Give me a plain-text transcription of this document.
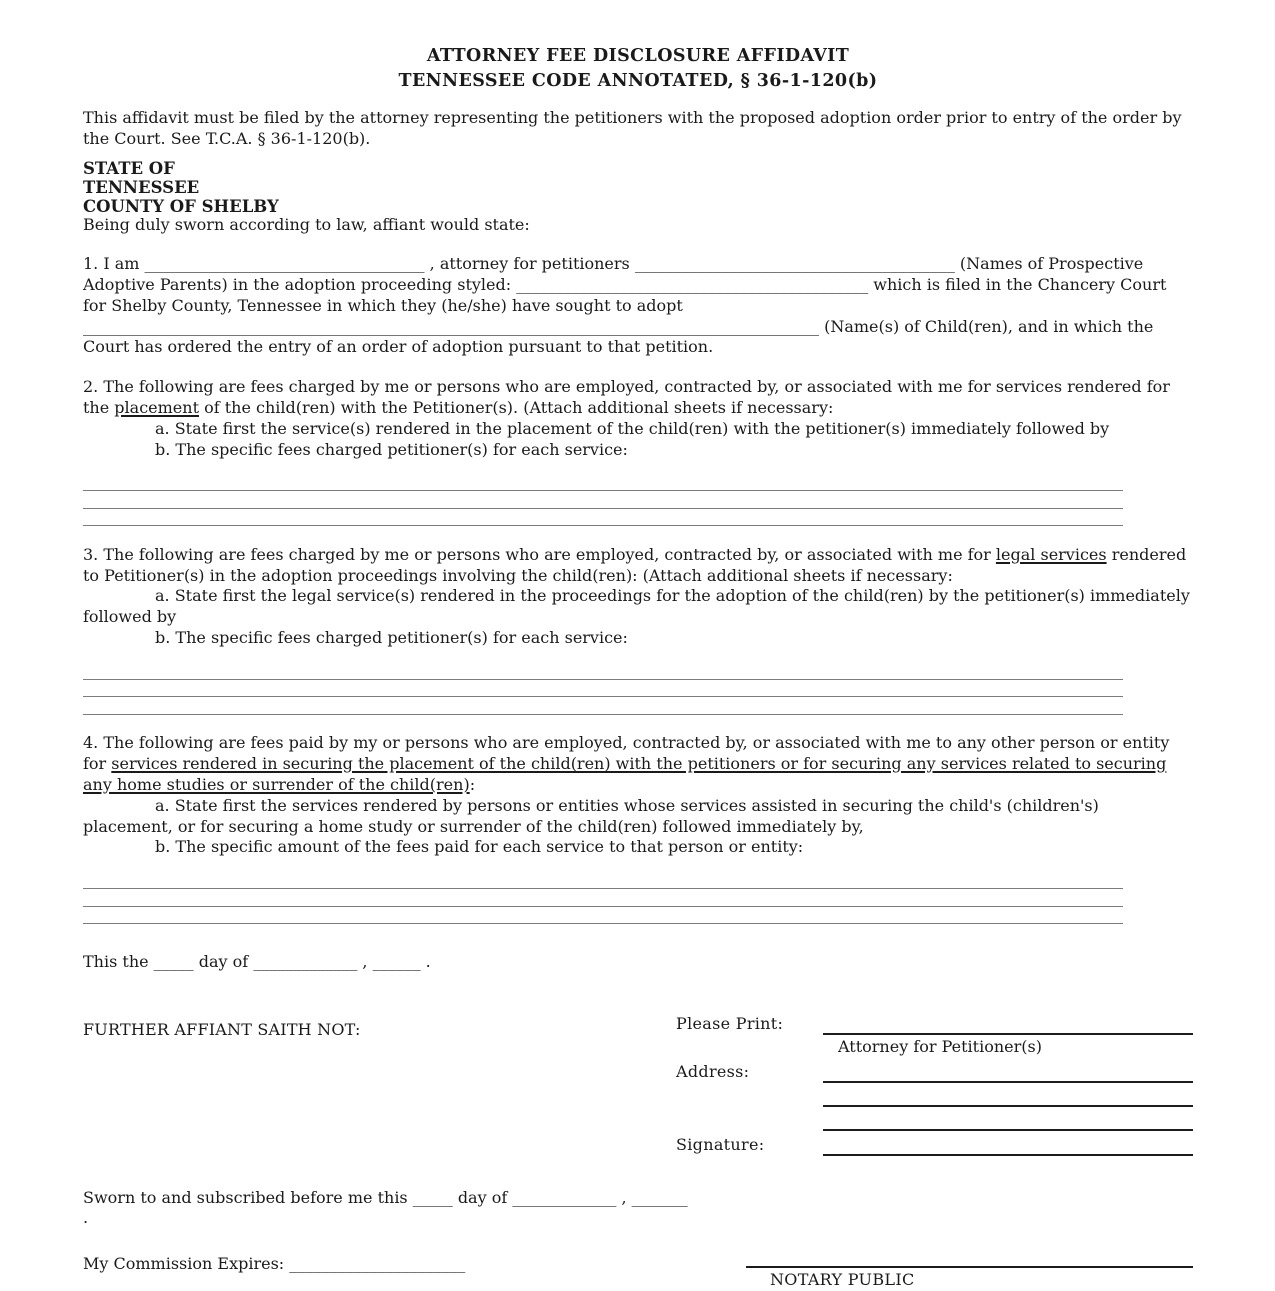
ATTORNEY FEE DISCLOSURE AFFIDAVIT
TENNESSEE CODE ANNOTATED, § 36-1-120(b)

This affidavit must be filed by the attorney representing the petitioners with the proposed adoption order prior to entry of the order by the Court. See T.C.A. § 36-1-120(b).

STATE OF
TENNESSEE
COUNTY OF SHELBY
Being duly sworn according to law, affiant would state:

1. I am ___________________________________ , attorney for petitioners ________________________________________ (Names of Prospective Adoptive Parents) in the adoption proceeding styled: ____________________________________________ which is filed in the Chancery Court for Shelby County, Tennessee in which they (he/she) have sought to adopt ____________________________________________________________________________________________ (Name(s) of Child(ren), and in which the Court has ordered the entry of an order of adoption pursuant to that petition.

2. The following are fees charged by me or persons who are employed, contracted by, or associated with me for services rendered for the placement of the child(ren) with the Petitioner(s). (Attach additional sheets if necessary:

a. State first the service(s) rendered in the placement of the child(ren) with the petitioner(s) immediately followed by

b. The specific fees charged petitioner(s) for each service:

__________________________________________________________________________________________________________________________________
__________________________________________________________________________________________________________________________________
__________________________________________________________________________________________________________________________________

3. The following are fees charged by me or persons who are employed, contracted by, or associated with me for legal services rendered to Petitioner(s) in the adoption proceedings involving the child(ren): (Attach additional sheets if necessary:

a. State first the legal service(s) rendered in the proceedings for the adoption of the child(ren) by the petitioner(s) immediately followed by

b. The specific fees charged petitioner(s) for each service:

__________________________________________________________________________________________________________________________________
__________________________________________________________________________________________________________________________________
__________________________________________________________________________________________________________________________________

4. The following are fees paid by my or persons who are employed, contracted by, or associated with me to any other person or entity for services rendered in securing the placement of the child(ren) with the petitioners or for securing any services related to securing any home studies or surrender of the child(ren):

a. State first the services rendered by persons or entities whose services assisted in securing the child's (children's) placement, or for securing a home study or surrender of the child(ren) followed immediately by,

b. The specific amount of the fees paid for each service to that person or entity:

__________________________________________________________________________________________________________________________________
__________________________________________________________________________________________________________________________________
__________________________________________________________________________________________________________________________________

This the _____ day of _____________ , ______ .

FURTHER AFFIANT SAITH NOT:	Please Print:
Attorney for Petitioner(s)
Address:
Signature:
Sworn to and subscribed before me this _____ day of _____________ , _______
.
My Commission Expires: ______________________
NOTARY PUBLIC
